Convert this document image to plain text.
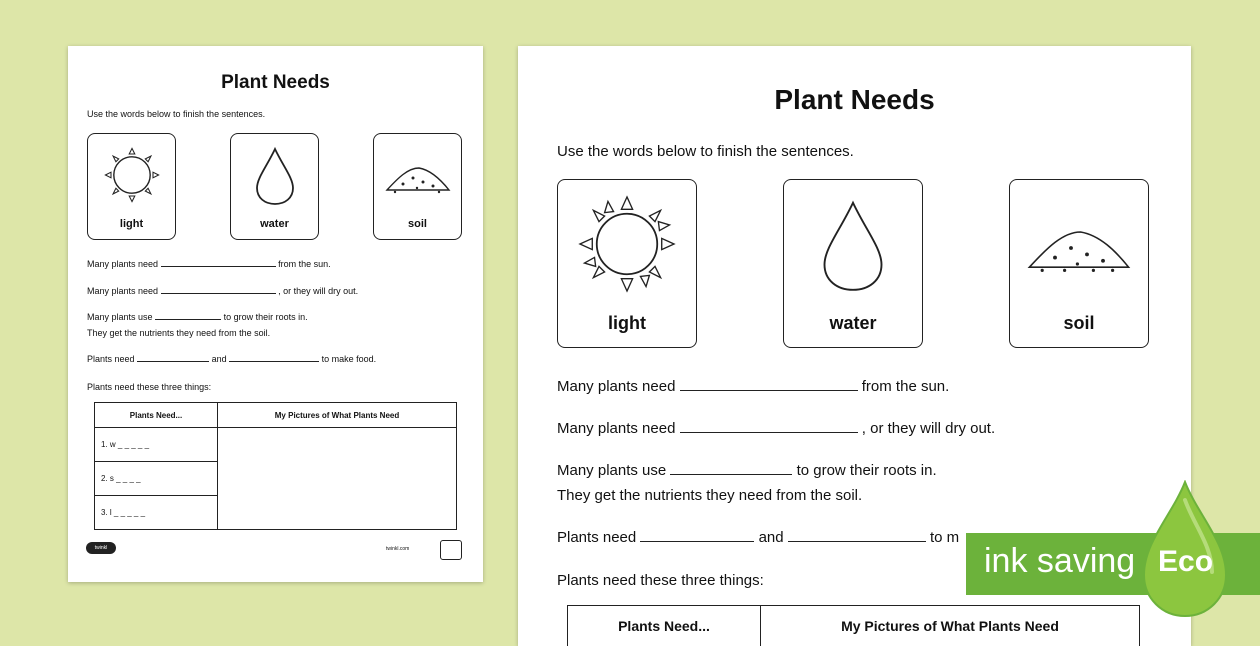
Plant Needs
Use the words below to finish the sentences.
light	water	soil
Many plants need	from the sun.
Many plants need	, or they will dry out.
Many plants use	to grow their roots in.
They get the nutrients they need from the soil.
Plants need	and	to make food.
Plants need these three things:
Plants Need...	My Pictures of What Plants Need
1. w _ _ _ _ _	
2. s _ _ _ _	
3. l _ _ _ _ _	
twinkl	twinkl.com
Plant Needs
Use the words below to finish the sentences.
light	water	soil
Many plants need	from the sun.
Many plants need	, or they will dry out.
Many plants use	to grow their roots in.
They get the nutrients they need from the soil.
Plants need	and	to m
Plants need these three things:
Plants Need...	My Pictures of What Plants Need
ink saving Eco
